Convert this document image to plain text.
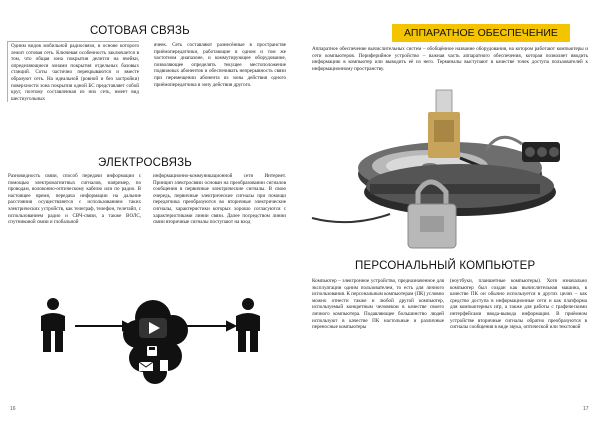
СОТОВАЯ СВЯЗЬ

Одним видов мобильной радиосвязи, в основе которого лежит сотовая сеть. Ключевая особенность заключается в том, что общая зона покрытия делится на ячейки, определяющиеся зонами покрытия отдельных базовых станций. Соты частично перекрываются и вместе образуют сеть. На идеальной (ровной и без застройки) поверхности зона покрытия одной БС представляет собой круг, поэтому составленная из них сеть, имеет вид шестиугольных

ячеек. Сеть составляют разнесённые в пространстве приёмопередатчики, работающие в одном и том же частотном диапазоне, и коммутирующее оборудование, позволяющее определять текущее местоположение подвижных абонентов и обеспечивать непрерывность связи при перемещении абонента из зоны действия одного приёмопередатчика в зону действия другого.

ЭЛЕКТРОСВЯЗЬ

Разновидность связи, способ передачи информации с помощью электромагнитных сигналов, например, по проводам, волоконно-оптическому кабелю или по радио. В настоящее время, передача информации на дальние расстояния осуществляется с использованием таких электрических устройств, как телеграф, телефон, телетайп, с использованием радио и СВЧ-связи, а также ВОЛС, спутниковой связи и глобальной

информационно-коммуникационной сети Интернет. Принцип электросвязи основан на преобразовании сигналов сообщения в первичные электрические сигналы. В свою очередь, первичные электрические сигналы при помощи передатчика преобразуются во вторичные электрические сигналы, характеристики которых хорошо согласуются с характеристиками линии связи. Далее посредством линии связи вторичные сигналы поступают на вход

16
АППАРАТНОЕ ОБЕСПЕЧЕНИЕ

Аппаратное обеспечение вычислительных систем – обобщённое название оборудования, на котором работают компьютеры и сети компьютеров. Периферийное устройство – важная часть аппаратного обеспечения, которая позволяет вводить информацию в компьютер или выводить её из него. Терминалы выступают в качестве точек доступа пользователей к информационному пространству.

ПЕРСОНАЛЬНЫЙ КОМПЬЮТЕР

Компьютер – электронное устройство, предназначенное для эксплуатации одним пользователем, то есть для личного использования. К персональным компьютерам (ПК) условно можно отнести также и любой другой компьютер, используемый конкретным человеком в качестве своего личного компьютера. Подавляющее большинство людей используют в качестве ПК настольные и различные переносные компьютеры

(ноутбуки, планшетные компьютеры). Хотя изначально компьютер был создан как вычислительная машина, в качестве ПК он обычно используется в других целях – как средство доступа в информационные сети и как платформа для компьютерных игр, а также для работы с графическими интерфейсами ввода-вывода информации. В приёмном устройстве вторичные сигналы обратно преобразуются в сигналы сообщения в виде звука, оптической или текстовой

17
